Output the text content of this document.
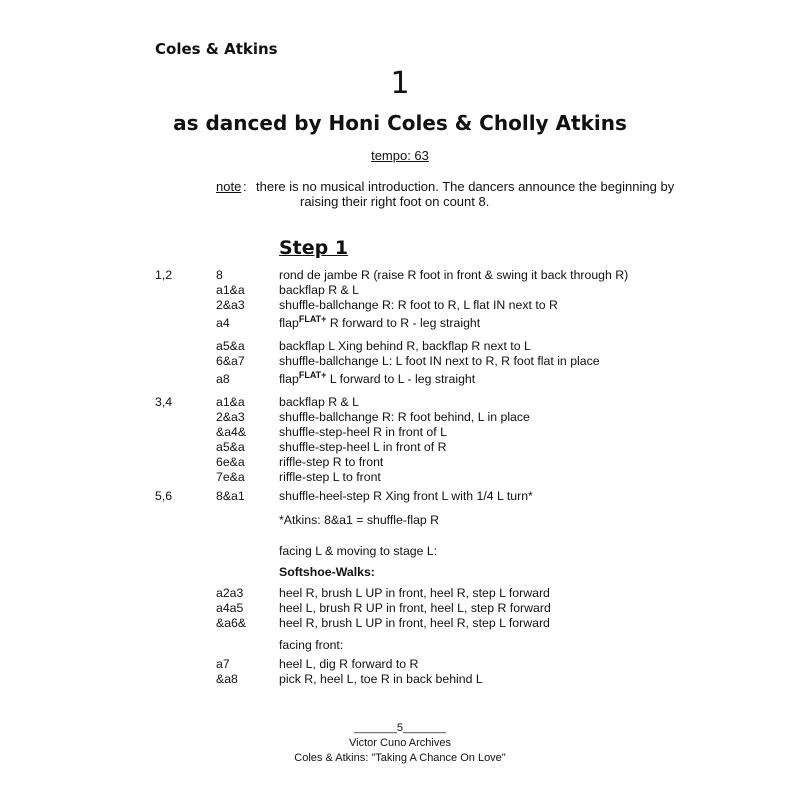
Coles & Atkins
1
as danced by Honi Coles & Cholly Atkins
tempo: 63
note : there is no musical introduction. The dancers announce the beginning by
raising their right foot on count 8.
Step 1
1,2
3,4
5,6
8
a1&a
2&a3
a4
a5&a
6&a7
a8
a1&a
2&a3
&a4&
a5&a
6e&a
7e&a
8&a1
a2a3
a4a5
&a6&
a7
&a8
rond de jambe R (raise R foot in front & swing it back through R)
backflap R & L
shuffle-ballchange R: R foot to R, L flat IN next to R
flap$^{FLAT+}$ R forward to R - leg straight
backflap L Xing behind R, backflap R next to L
shuffle-ballchange L: L foot IN next to R, R foot flat in place
flap$^{FLAT+}$ L forward to L - leg straight
backflap R & L
shuffle-ballchange R: R foot behind, L in place
shuffle-step-heel R in front of L
shuffle-step-heel L in front of R
riffle-step R to front
riffle-step L to front
shuffle-heel-step R Xing front L with 1/4 L turn*
*Atkins: 8&a1 = shuffle-flap R
facing L & moving to stage L:
Softshoe-Walks:
heel R, brush L UP in front, heel R, step L forward
heel L, brush R UP in front, heel L, step R forward
heel R, brush L UP in front, heel R, step L forward
facing front:
heel L, dig R forward to R
pick R, heel L, toe R in back behind L
_______5_______
Victor Cuno Archives
Coles & Atkins: "Taking A Chance On Love"
